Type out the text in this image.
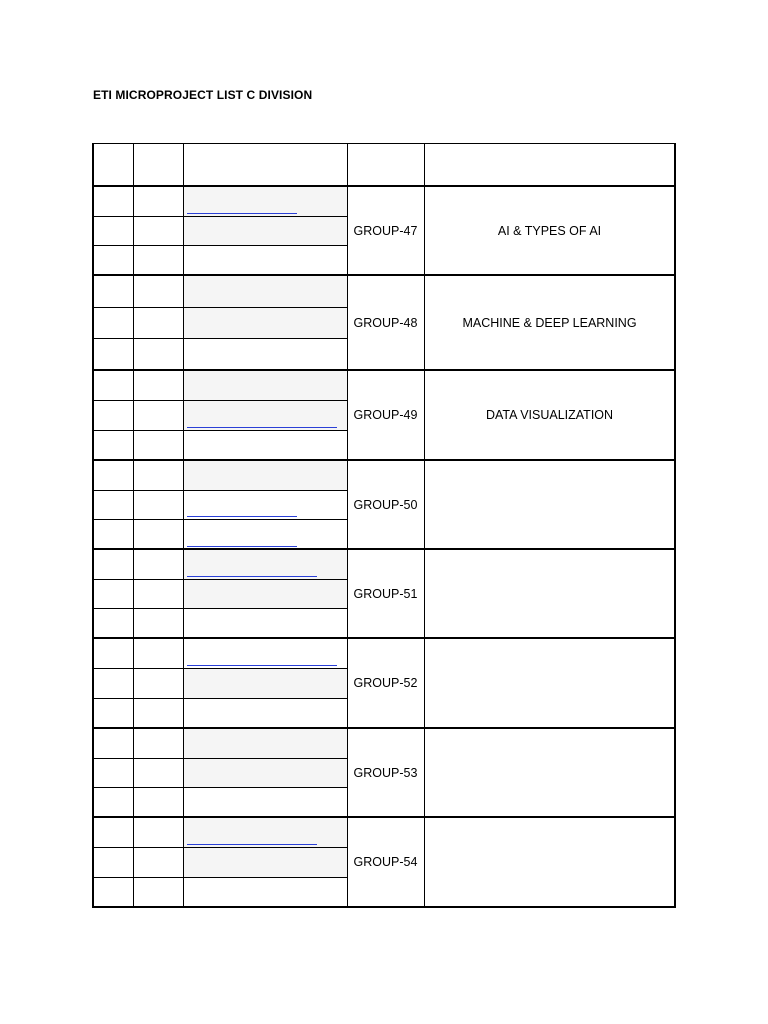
ETI MICROPROJECT LIST C DIVISION
GROUP-47	AI & TYPES OF AI
GROUP-48	MACHINE & DEEP LEARNING
GROUP-49	DATA VISUALIZATION
GROUP-50
GROUP-51
GROUP-52
GROUP-53
GROUP-54
